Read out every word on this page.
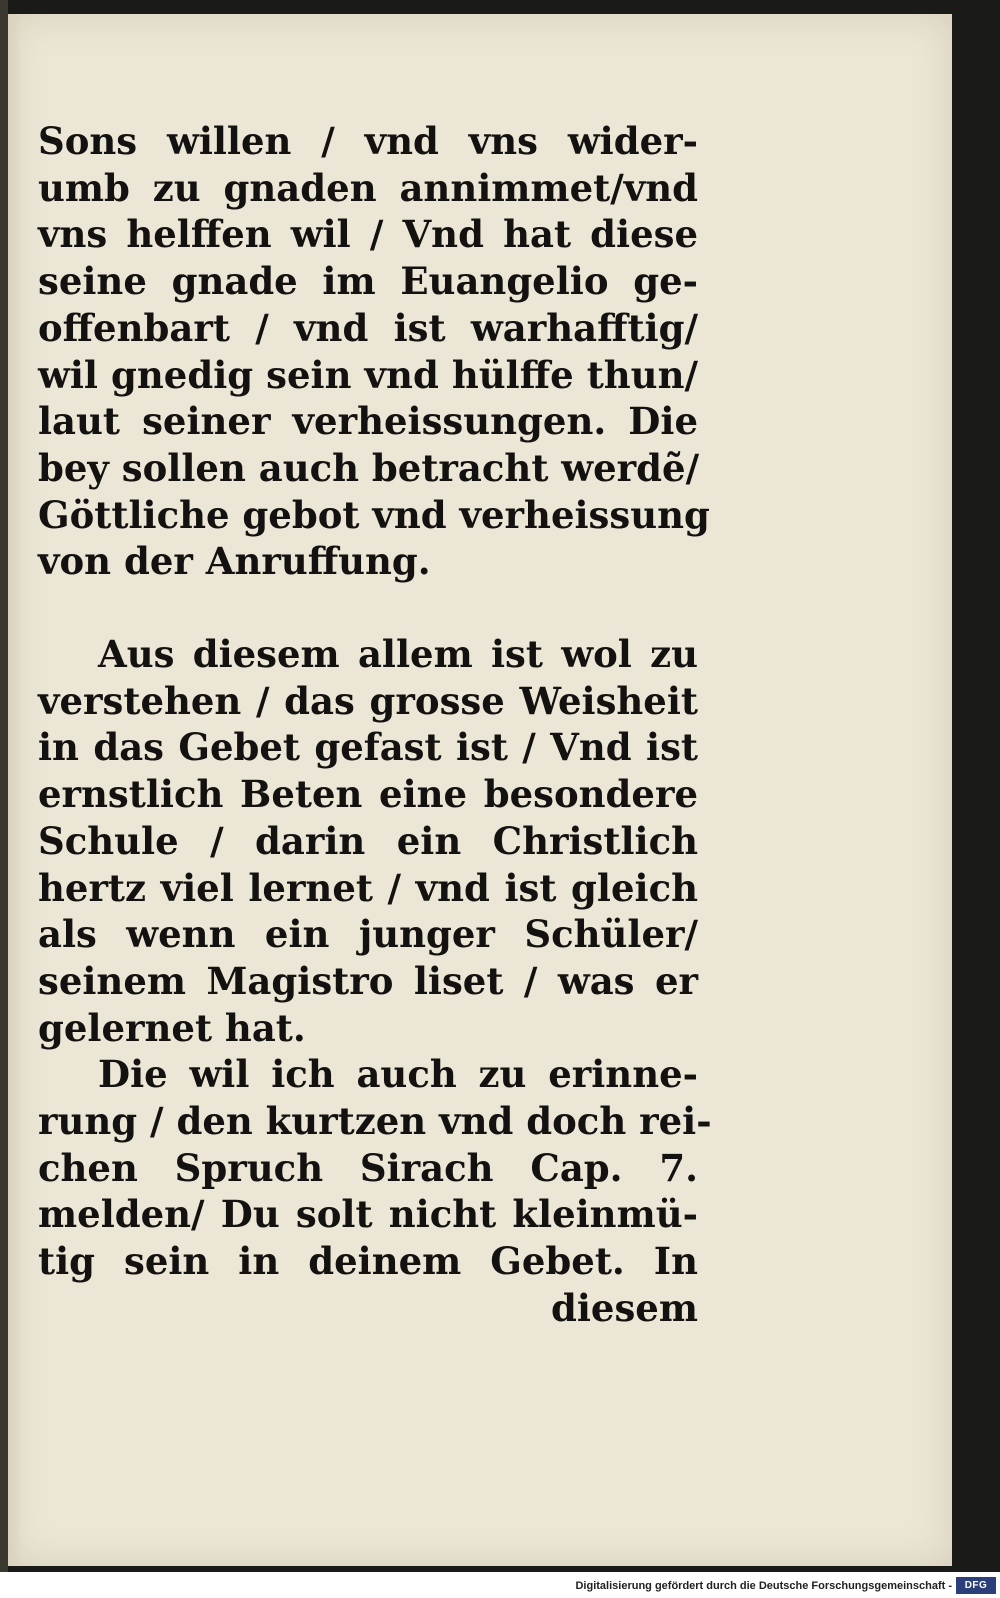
Sons willen / vnd vns wider-
umb zu gnaden annimmet/vnd
vns helffen wil / Vnd hat diese
seine gnade im Euangelio ge-
offenbart / vnd ist warhafftig/
wil gnedig sein vnd hülffe thun/
laut seiner verheissungen. Die
bey sollen auch betracht werdẽ/
Göttliche gebot vnd verheissung
von der Anruffung.
Aus diesem allem ist wol zu
verstehen / das grosse Weisheit
in das Gebet gefast ist / Vnd ist
ernstlich Beten eine besondere
Schule / darin ein Christlich
hertz viel lernet / vnd ist gleich
als wenn ein junger Schüler/
seinem Magistro liset / was er
gelernet hat.
Die wil ich auch zu erinne-
rung / den kurtzen vnd doch rei-
chen Spruch Sirach Cap. 7.
melden/ Du solt nicht kleinmü-
tig sein in deinem Gebet. In
diesem
Digitalisierung gefördert durch die Deutsche Forschungsgemeinschaft -	DFG
